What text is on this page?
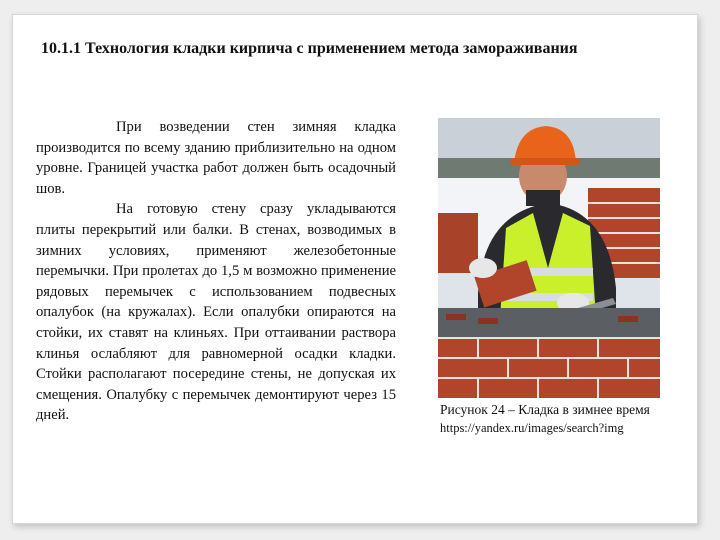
10.1.1 Технология кладки кирпича с применением метода замораживания

При возведении стен зимняя кладка производится по всему зданию приблизительно на одном уровне. Границей участка работ должен быть осадочный шов.

На готовую стену сразу укладываются плиты перекрытий или балки. В стенах, возводимых в зимних условиях, применяют железобетонные перемычки. При пролетах до 1,5 м возможно применение рядовых перемычек с использованием подвесных опалубок (на кружалах). Если опалубки опираются на стойки, их ставят на клиньях. При оттаивании раствора клинья ослабляют для равномерной осадки кладки. Стойки располагают посередине стены, не допуская их смещения. Опалубку с перемычек демонтируют через 15 дней.	Рисунок 24 – Кладка в зимнее время
https://yandex.ru/images/search?img
